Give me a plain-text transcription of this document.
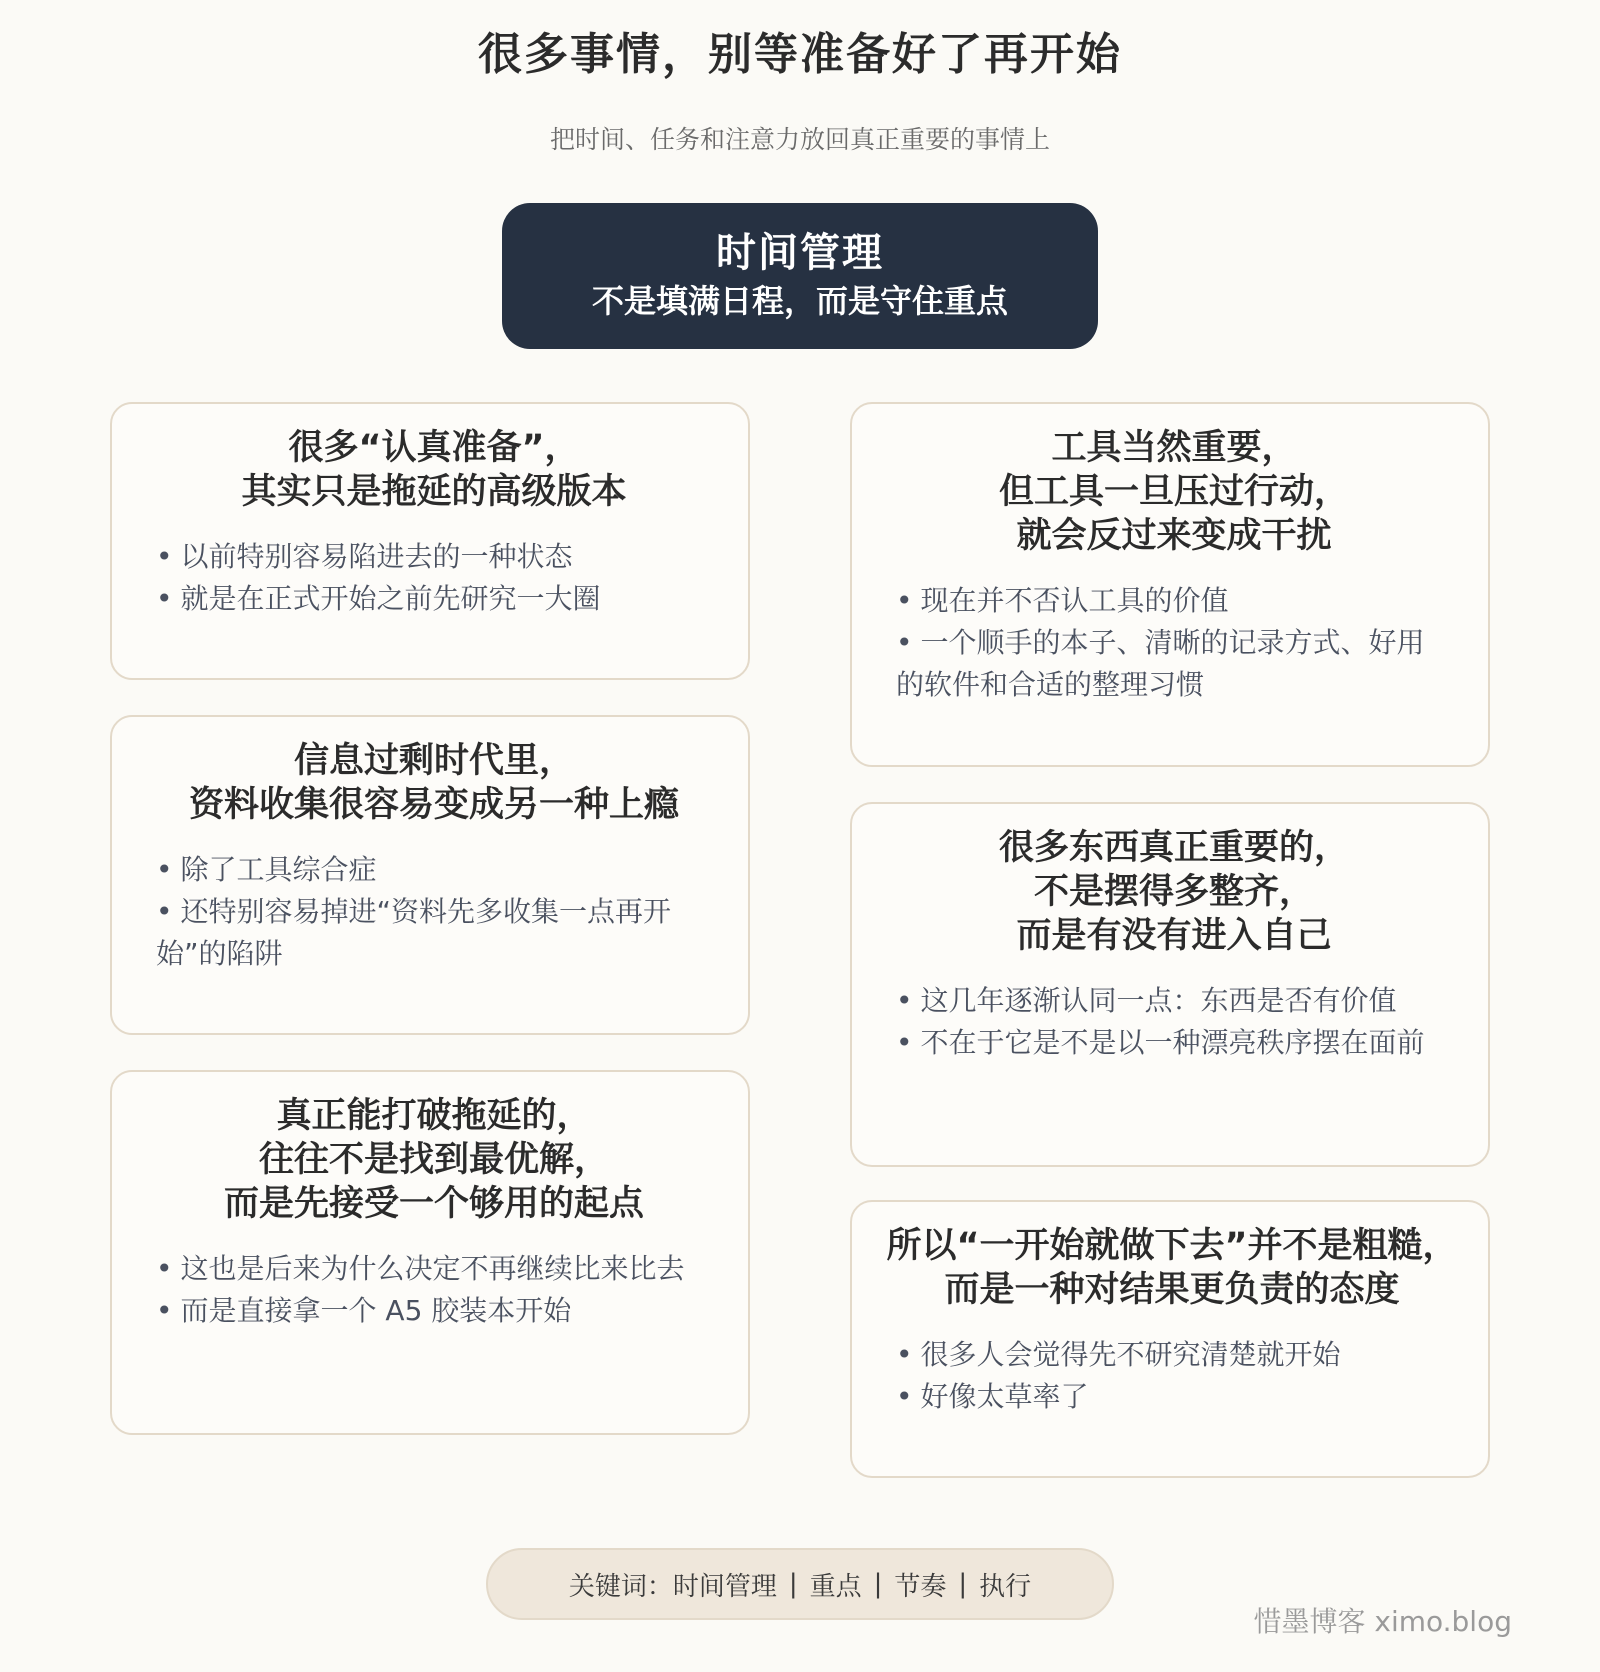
很多事情，别等准备好了再开始
把时间、任务和注意力放回真正重要的事情上
时间管理
不是填满日程，而是守住重点
很多“认真准备”，
其实只是拖延的高级版本
• 以前特别容易陷进去的一种状态
• 就是在正式开始之前先研究一大圈
信息过剩时代里，
资料收集很容易变成另一种上瘾
• 除了工具综合症
• 还特别容易掉进“资料先多收集一点再开始”的陷阱
真正能打破拖延的，
往往不是找到最优解，
而是先接受一个够用的起点
• 这也是后来为什么决定不再继续比来比去
• 而是直接拿一个 A5 胶装本开始
工具当然重要，
但工具一旦压过行动，
就会反过来变成干扰
• 现在并不否认工具的价值
• 一个顺手的本子、清晰的记录方式、好用的软件和合适的整理习惯
很多东西真正重要的，
不是摆得多整齐，
而是有没有进入自己
• 这几年逐渐认同一点：东西是否有价值
• 不在于它是不是以一种漂亮秩序摆在面前
所以“一开始就做下去”并不是粗糙，而是一种对结果更负责的态度
• 很多人会觉得先不研究清楚就开始
• 好像太草率了
关键词： 时间管理 | 重点 | 节奏 | 执行
惜墨博客 ximo.blog
